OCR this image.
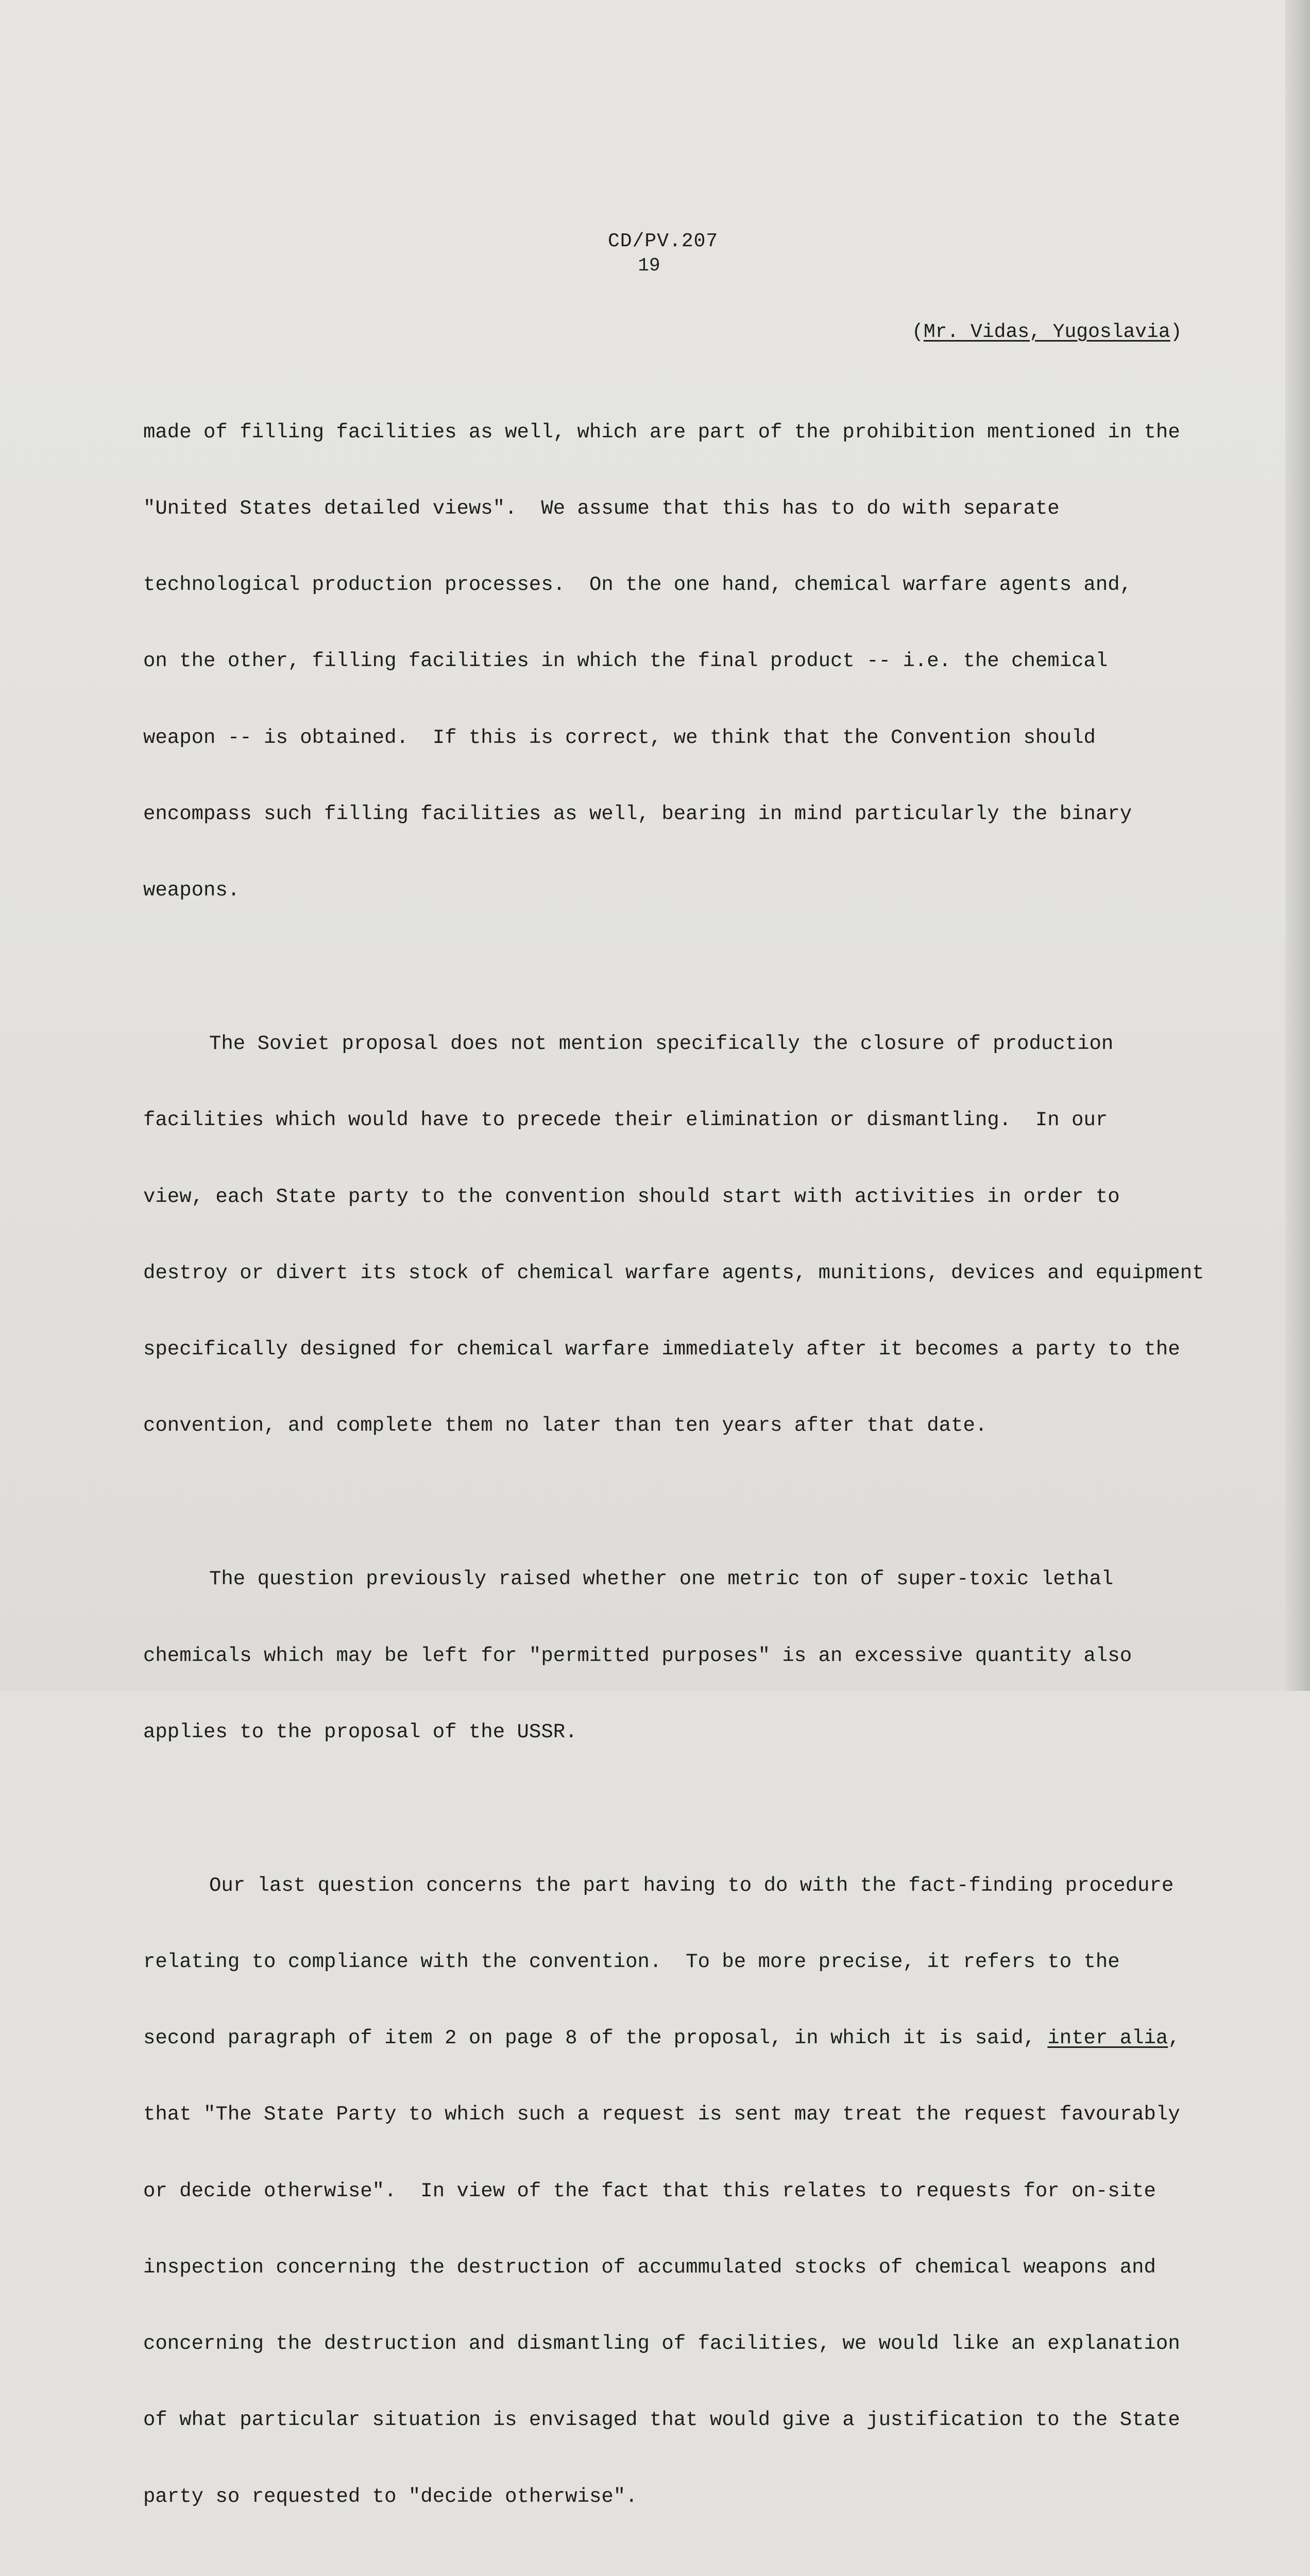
CD/PV.207
19
(Mr. Vidas, Yugoslavia)

made of filling facilities as well, which are part of the prohibition mentioned in the

"United States detailed views".  We assume that this has to do with separate

technological production processes.  On the one hand, chemical warfare agents and,

on the other, filling facilities in which the final product -- i.e. the chemical

weapon -- is obtained.  If this is correct, we think that the Convention should

encompass such filling facilities as well, bearing in mind particularly the binary

weapons.

The Soviet proposal does not mention specifically the closure of production

facilities which would have to precede their elimination or dismantling.  In our

view, each State party to the convention should start with activities in order to

destroy or divert its stock of chemical warfare agents, munitions, devices and equipment

specifically designed for chemical warfare immediately after it becomes a party to the

convention, and complete them no later than ten years after that date.

The question previously raised whether one metric ton of super-toxic lethal

chemicals which may be left for "permitted purposes" is an excessive quantity also

applies to the proposal of the USSR.

Our last question concerns the part having to do with the fact-finding procedure

relating to compliance with the convention.  To be more precise, it refers to the

second paragraph of item 2 on page 8 of the proposal, in which it is said, inter alia,

that "The State Party to which such a request is sent may treat the request favourably

or decide otherwise".  In view of the fact that this relates to requests for on-site

inspection concerning the destruction of accummulated stocks of chemical weapons and

concerning the destruction and dismantling of facilities, we would like an explanation

of what particular situation is envisaged that would give a justification to the State

party so requested to "decide otherwise".
